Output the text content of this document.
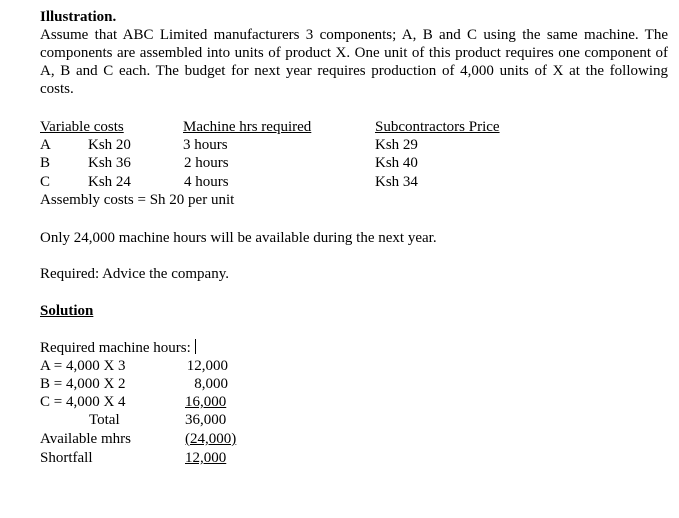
Illustration.
Assume that ABC Limited manufacturers 3 components; A, B and C using the same machine. The components are assembled into units of product X. One unit of this product requires one component of A, B and C each. The budget for next year requires production of 4,000 units of X at the following costs.
Variable costs	Machine hrs required	Subcontractors Price
A Ksh 20	3 hours	Ksh 29
B	Ksh 36	2 hours	Ksh 40
C	Ksh 24	4 hours	Ksh 34
Assembly costs = Sh 20 per unit
Only 24,000 machine hours will be available during the next year.
Required: Advice the company.
Solution
Required machine hours:
A = 4,000 X 3	12,000
B = 4,000 X 2	8,000
C = 4,000 X 4	16,000
Total	36,000
Available mhrs	(24,000)
Shortfall	12,000
